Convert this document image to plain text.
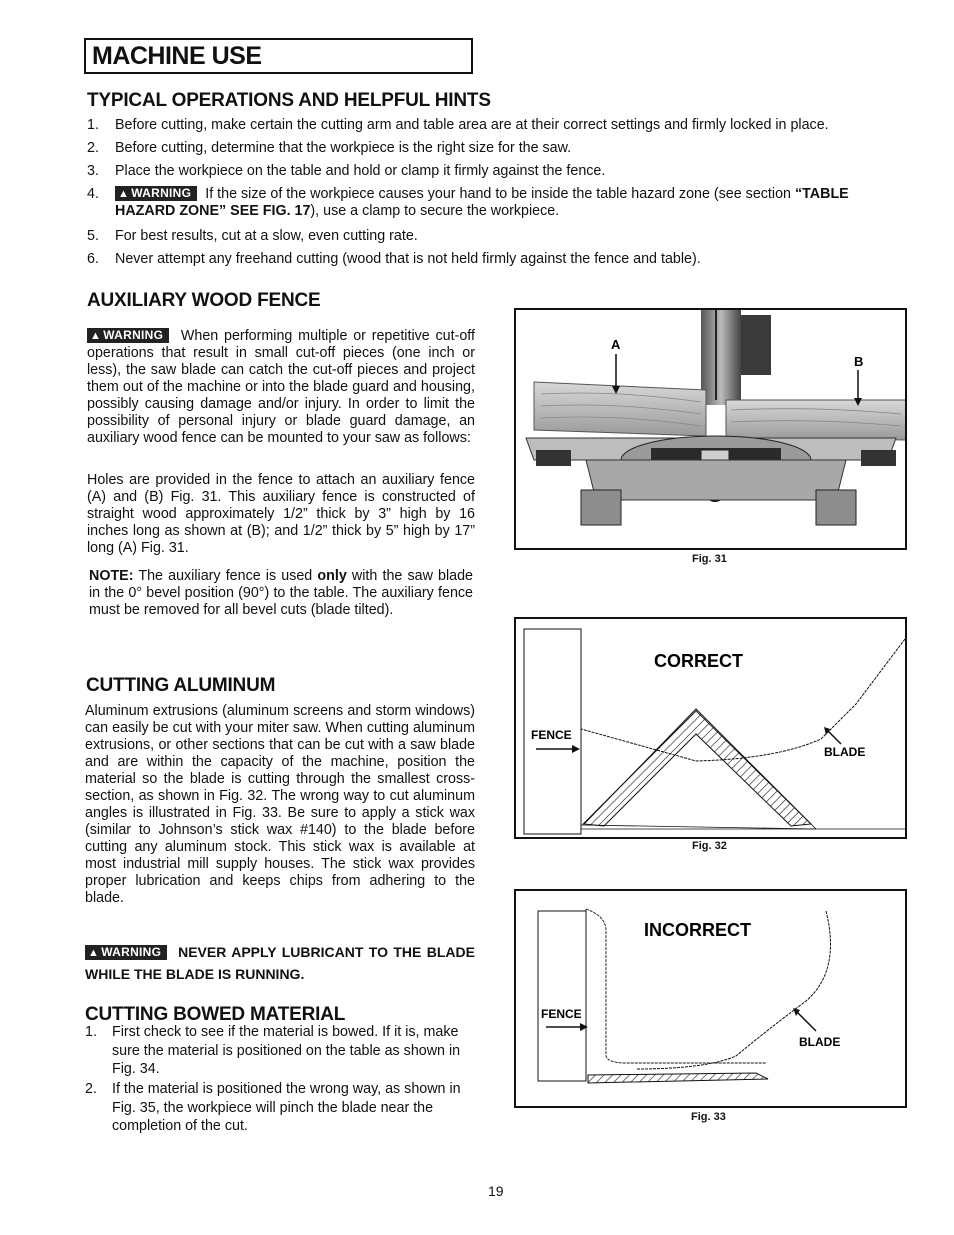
MACHINE USE
TYPICAL OPERATIONS AND HELPFUL HINTS
1. Before cutting, make certain the cutting arm and table area are at their correct settings and firmly locked in place.
2. Before cutting, determine that the workpiece is the right size for the saw.
3. Place the workpiece on the table and hold or clamp it firmly against the fence.
4. ▲ WARNING If the size of the workpiece causes your hand to be inside the table hazard zone (see section “TABLE HAZARD ZONE” SEE FIG. 17), use a clamp to secure the workpiece.
5. For best results, cut at a slow, even cutting rate.
6. Never attempt any freehand cutting (wood that is not held firmly against the fence and table).
AUXILIARY WOOD FENCE
▲ WARNING When performing multiple or repetitive cut-off operations that result in small cut-off pieces (one inch or less), the saw blade can catch the cut-off pieces and project them out of the machine or into the blade guard and housing, possibly causing damage and/or injury. In order to limit the possibility of personal injury or blade guard damage, an auxiliary wood fence can be mounted to your saw as follows:
Holes are provided in the fence to attach an auxiliary fence (A) and (B) Fig. 31. This auxiliary fence is constructed of straight wood approximately 1/2” thick by 3” high by 16 inches long as shown at (B); and 1/2” thick by 5” high by 17” long (A) Fig. 31.
NOTE: The auxiliary fence is used only with the saw blade in the 0° bevel position (90°) to the table. The auxiliary fence must be removed for all bevel cuts (blade tilted).
CUTTING ALUMINUM
Aluminum extrusions (aluminum screens and storm windows) can easily be cut with your miter saw. When cutting aluminum extrusions, or other sections that can be cut with a saw blade and are within the capacity of the machine, position the material so the blade is cutting through the smallest cross-section, as shown in Fig. 32. The wrong way to cut aluminum angles is illustrated in Fig. 33. Be sure to apply a stick wax (similar to Johnson’s stick wax #140) to the blade before cutting any aluminum stock. This stick wax is available at most industrial mill supply houses. The stick wax provides proper lubrication and keeps chips from adhering to the blade.
▲ WARNING NEVER APPLY LUBRICANT TO THE BLADE WHILE THE BLADE IS RUNNING.
CUTTING BOWED MATERIAL
1. First check to see if the material is bowed. If it is, make sure the material is positioned on the table as shown in Fig. 34.
2. If the material is positioned the wrong way, as shown in Fig. 35, the workpiece will pinch the blade near the completion of the cut.
A
B
Fig. 31
CORRECT
FENCE
BLADE
Fig. 32
INCORRECT
FENCE
BLADE
Fig. 33
19
